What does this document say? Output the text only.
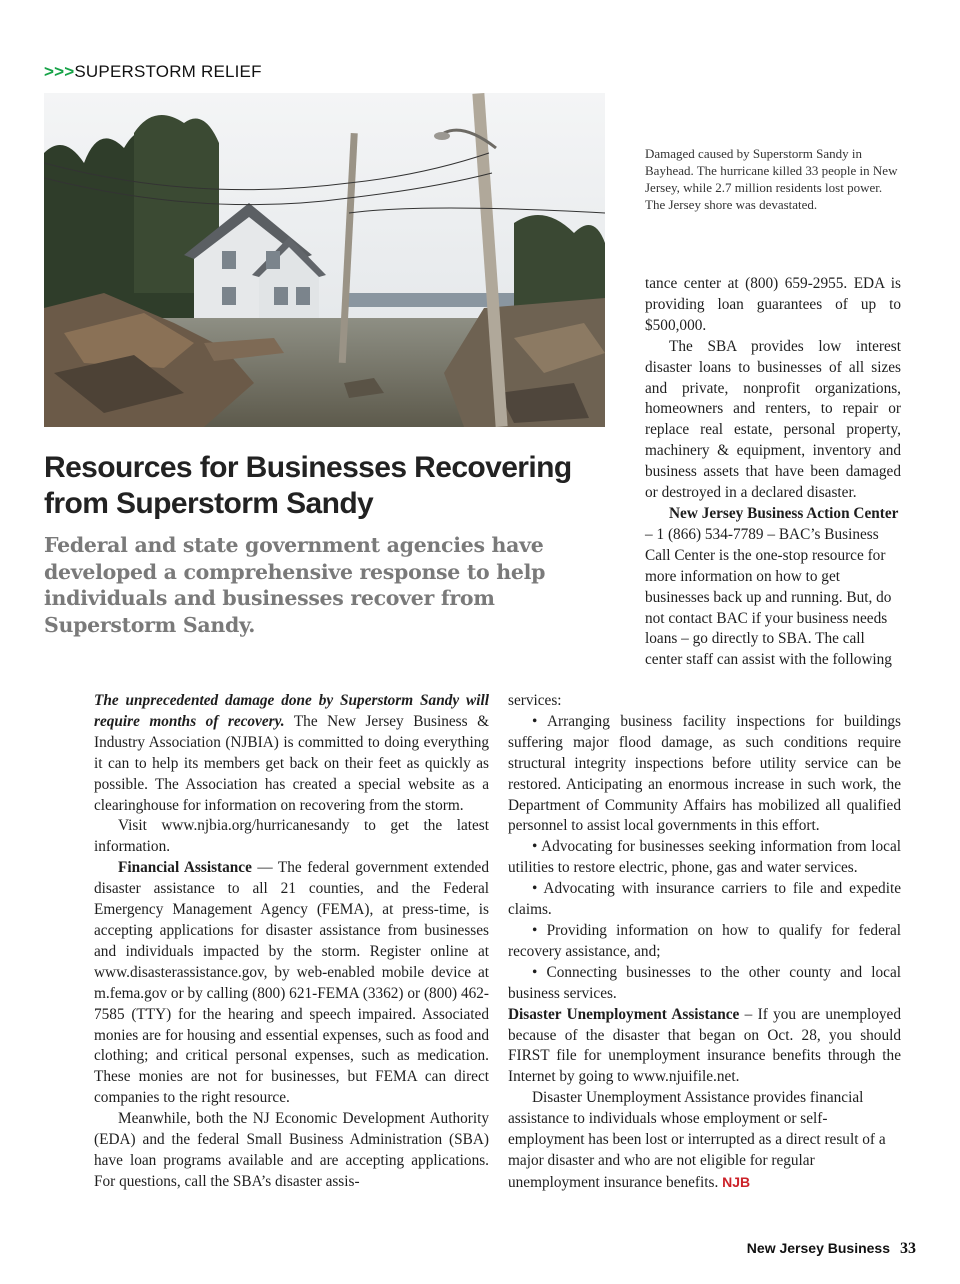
>>>SUPERSTORM RELIEF
Damaged caused by Superstorm Sandy in Bayhead. The hurricane killed 33 people in New Jersey, while 2.7 million residents lost power. The Jersey shore was devastated.
Resources for Businesses Recovering from Superstorm Sandy
Federal and state government agencies have developed a comprehensive response to help individuals and businesses recover from Superstorm Sandy.

tance center at (800) 659-2955. EDA is providing loan guarantees of up to $500,000.

The SBA provides low interest disaster loans to businesses of all sizes and private, nonprofit organizations, homeowners and renters, to repair or replace real estate, personal property, machinery & equipment, inventory and business assets that have been damaged or destroyed in a declared disaster.

New Jersey Business Action Center – 1 (866) 534-7789 – BAC’s Business Call Center is the one-stop resource for more information on how to get businesses back up and running. But, do not contact BAC if your business needs loans – go directly to SBA. The call center staff can assist with the following

The unprecedented damage done by Superstorm Sandy will require months of recovery. The New Jersey Business & Industry Association (NJBIA) is committed to doing everything it can to help its members get back on their feet as quickly as possible. The Association has created a special website as a clearinghouse for information on recovering from the storm.

Visit www.njbia.org/hurricanesandy to get the latest information.

Financial Assistance — The federal government extended disaster assistance to all 21 counties, and the Federal Emergency Management Agency (FEMA), at press-time, is accepting applications for disaster assistance from businesses and individuals impacted by the storm. Register online at www.disasterassistance.gov, by web-enabled mobile device at m.fema.gov or by calling (800) 621-FEMA (3362) or (800) 462-7585 (TTY) for the hearing and speech impaired. Associated monies are for housing and essential expenses, such as food and clothing; and critical personal expenses, such as medication. These monies are not for businesses, but FEMA can direct companies to the right resource.

Meanwhile, both the NJ Economic Development Authority (EDA) and the federal Small Business Administration (SBA) have loan programs available and are accepting applications. For questions, call the SBA’s disaster assis-

services:

• Arranging business facility inspections for buildings suffering major flood damage, as such conditions require structural integrity inspections before utility service can be restored. Anticipating an enormous increase in such work, the Department of Community Affairs has mobilized all qualified personnel to assist local governments in this effort.

• Advocating for businesses seeking information from local utilities to restore electric, phone, gas and water services.

• Advocating with insurance carriers to file and expedite claims.

• Providing information on how to qualify for federal recovery assistance, and;

• Connecting businesses to the other county and local business services.

Disaster Unemployment Assistance – If you are unemployed because of the disaster that began on Oct. 28, you should FIRST file for unemployment insurance benefits through the Internet by going to www.njuifile.net.

Disaster Unemployment Assistance provides financial assistance to individuals whose employment or self-employment has been lost or interrupted as a direct result of a major disaster and who are not eligible for regular unemployment insurance benefits. NJB

New Jersey Business 33
